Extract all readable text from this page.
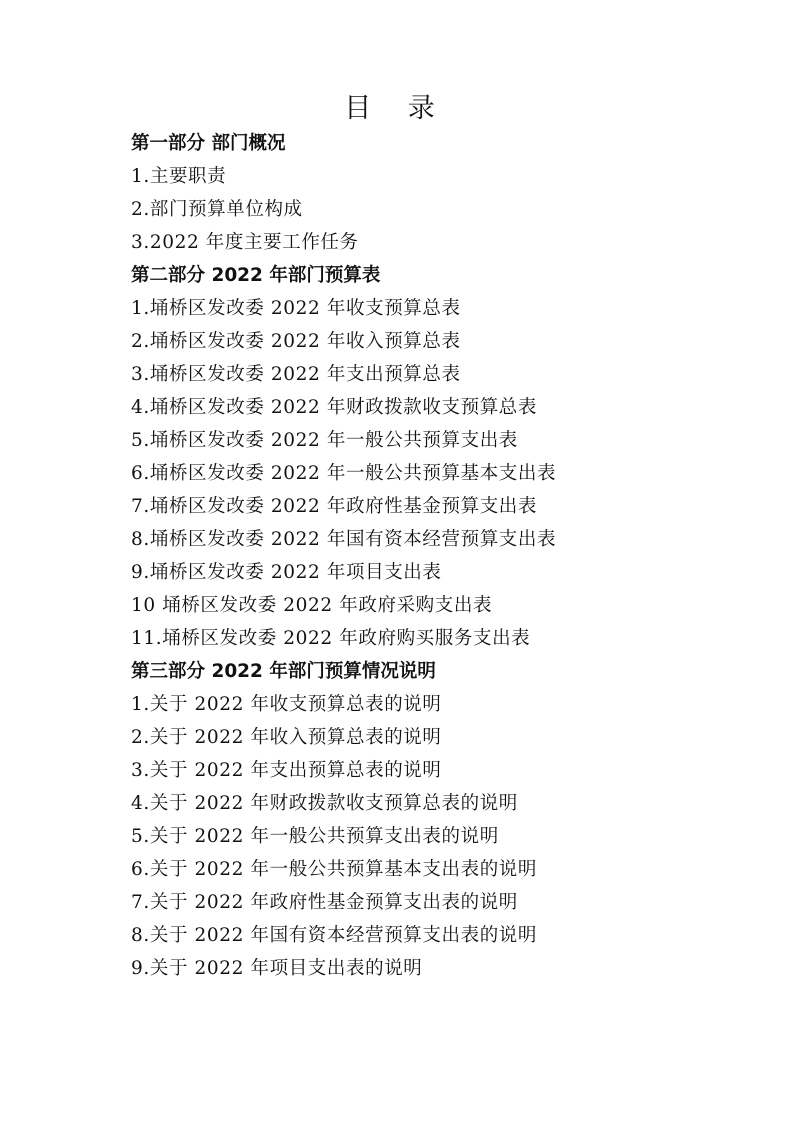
目 录
第一部分 部门概况
1.主要职责
2.部门预算单位构成
3.2022 年度主要工作任务
第二部分 2022 年部门预算表
1.埇桥区发改委 2022 年收支预算总表
2.埇桥区发改委 2022 年收入预算总表
3.埇桥区发改委 2022 年支出预算总表
4.埇桥区发改委 2022 年财政拨款收支预算总表
5.埇桥区发改委 2022 年一般公共预算支出表
6.埇桥区发改委 2022 年一般公共预算基本支出表
7.埇桥区发改委 2022 年政府性基金预算支出表
8.埇桥区发改委 2022 年国有资本经营预算支出表
9.埇桥区发改委 2022 年项目支出表
10 埇桥区发改委 2022 年政府采购支出表
11.埇桥区发改委 2022 年政府购买服务支出表
第三部分 2022 年部门预算情况说明
1.关于 2022 年收支预算总表的说明
2.关于 2022 年收入预算总表的说明
3.关于 2022 年支出预算总表的说明
4.关于 2022 年财政拨款收支预算总表的说明
5.关于 2022 年一般公共预算支出表的说明
6.关于 2022 年一般公共预算基本支出表的说明
7.关于 2022 年政府性基金预算支出表的说明
8.关于 2022 年国有资本经营预算支出表的说明
9.关于 2022 年项目支出表的说明
